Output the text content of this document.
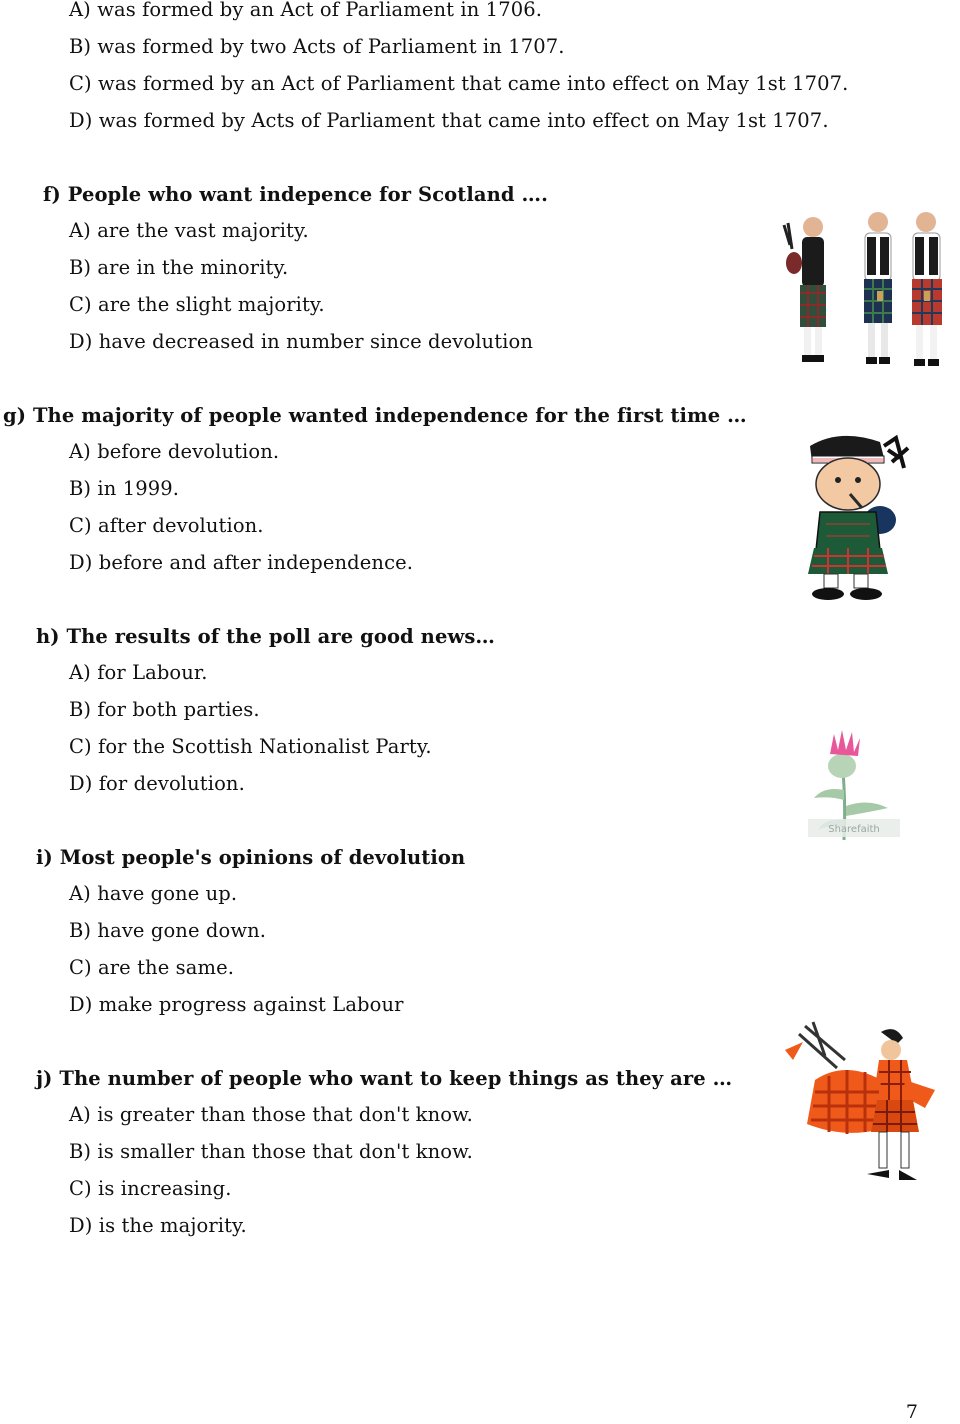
A) was formed by an Act of Parliament in 1706.
B) was formed by two Acts of Parliament in 1707.
C) was formed by an Act of Parliament that came into effect on May 1st 1707.
D) was formed by Acts of Parliament that came into effect on May 1st 1707.
f) People who want indepence for Scotland ….
A) are the vast majority.
B) are in the minority.
C) are the slight majority.
D) have decreased in number since devolution
g) The majority of people wanted independence for the first time …
A) before devolution.
B) in 1999.
C) after devolution.
D) before and after independence.
h) The results of the poll are good news…
A) for Labour.
B) for both parties.
C) for the Scottish Nationalist Party.
D) for devolution.
i) Most people's opinions of devolution
A) have gone up.
B) have gone down.
C) are the same.
D) make progress against Labour
j) The number of people who want to keep things as they are …
A) is greater than those that don't know.
B) is smaller than those that don't know.
C) is increasing.
D) is the majority.
Sharefaith
7
